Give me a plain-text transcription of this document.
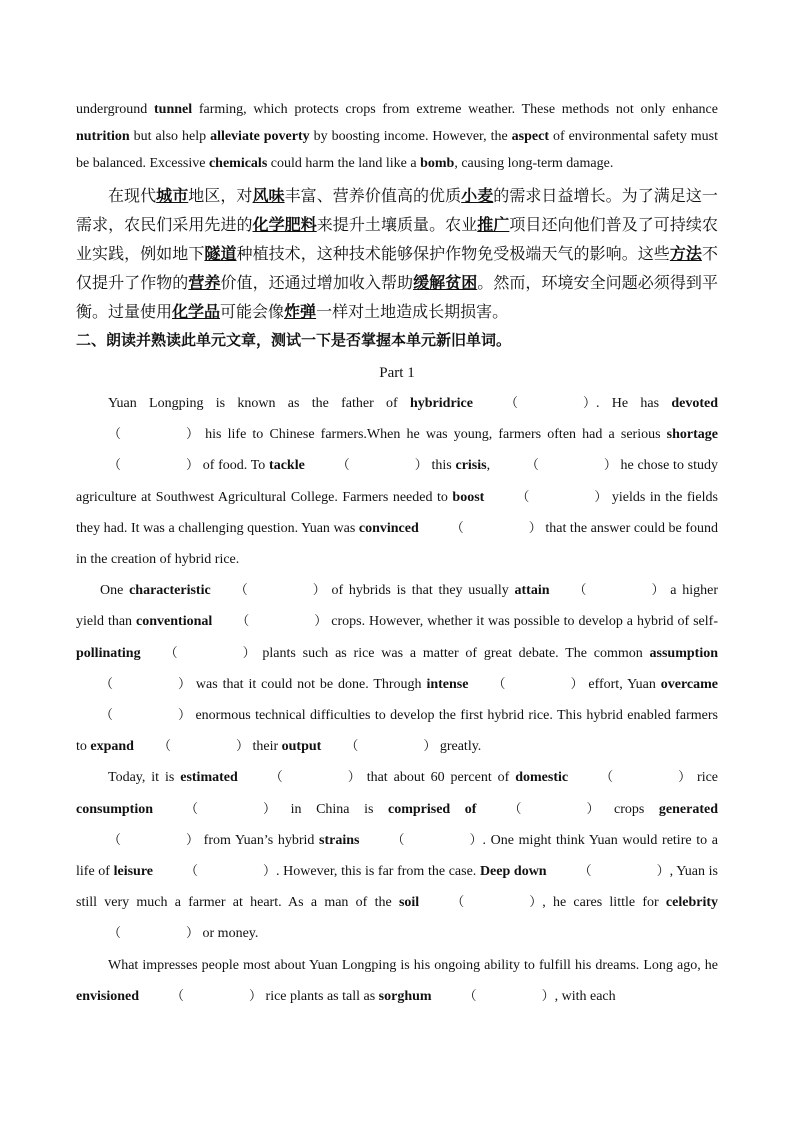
underground tunnel farming, which protects crops from extreme weather. These methods not only enhance nutrition but also help alleviate poverty by boosting income. However, the aspect of environmental safety must be balanced. Excessive chemicals could harm the land like a bomb, causing long-term damage.

在现代城市地区，对风味丰富、营养价值高的优质小麦的需求日益增长。为了满足这一需求，农民们采用先进的化学肥料来提升土壤质量。农业推广项目还向他们普及了可持续农业实践，例如地下隧道种植技术，这种技术能够保护作物免受极端天气的影响。这些方法不仅提升了作物的营养价值，还通过增加收入帮助缓解贫困。然而，环境安全问题必须得到平衡。过量使用化学品可能会像炸弹一样对土地造成长期损害。

二、朗读并熟读此单元文章，测试一下是否掌握本单元新旧单词。

Part 1

Yuan Longping is known as the father of hybridrice （　　　　　）. He has devoted（　　　　　） his life to Chinese farmers.When he was young, farmers often had a serious shortage（　　　　　） of food. To tackle （　　　　　） this crisis, （　　　　　） he chose to study agriculture at Southwest Agricultural College. Farmers needed to boost （　　　　　） yields in the fields they had. It was a challenging question. Yuan was convinced （　　　　　） that the answer could be found in the creation of hybrid rice.

One characteristic （　　　　　） of hybrids is that they usually attain （　　　　　） a higher yield than conventional （　　　　　） crops. However, whether it was possible to develop a hybrid of self-pollinating （　　　　　） plants such as rice was a matter of great debate. The common assumption（　　　　　） was that it could not be done. Through intense （　　　　　） effort, Yuan overcame（　　　　　） enormous technical difficulties to develop the first hybrid rice. This hybrid enabled farmers to expand （　　　　　） their output （　　　　　） greatly.

Today, it is estimated （　　　　　） that about 60 percent of domestic （　　　　　） rice consumption （　　　　　） in China is comprised of （　　　　　） crops generated（　　　　　） from Yuan’s hybrid strains （　　　　　）. One might think Yuan would retire to a life of leisure （　　　　　）. However, this is far from the case. Deep down （　　　　　）, Yuan is still very much a farmer at heart. As a man of the soil （　　　　　）, he cares little for celebrity（　　　　　） or money.

What impresses people most about Yuan Longping is his ongoing ability to fulfill his dreams. Long ago, he envisioned （　　　　　） rice plants as tall as sorghum （　　　　　）, with each
